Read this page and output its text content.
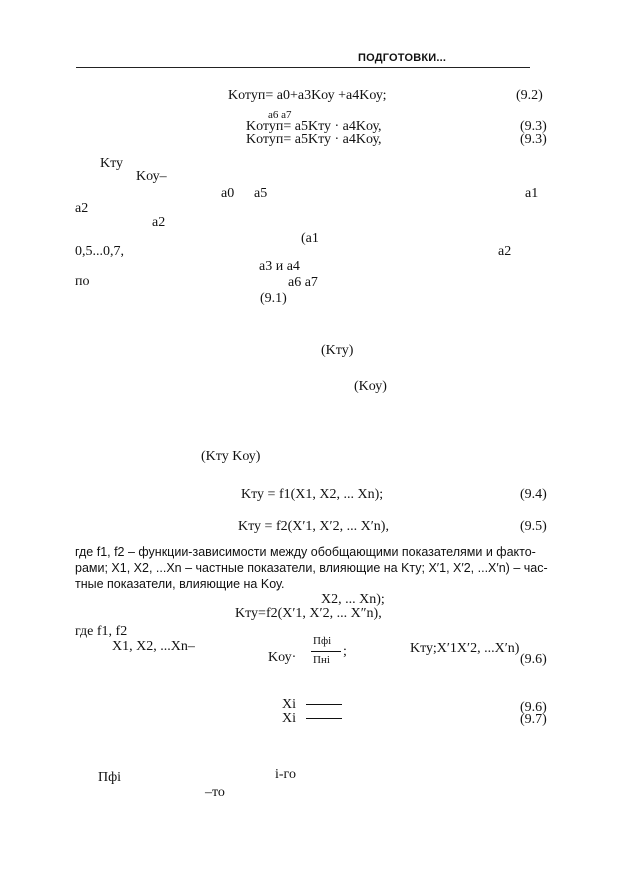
ПОДГОТОВКИ...
Kотуп= a0+a3Kоу +a4Kоу;	(9.2)
a6 a7
Kотуп= a5Kту · a4Kоу,	(9.3)
Kотуп= a5Kту · a4Kоу,	(9.3)
Kту
Kоу–
a0 a5	a1
a2
a2
(a1
0,5...0,7,	a2
a3 и a4
по	a6 a7
(9.1)
(Kту)
(Kоу)
(Kту Kоу)
Kту = f1(X1, X2, ... Xn);	(9.4)
Kту = f2(X′1, X′2, ... X′n),	(9.5)
где f1, f2 – функции-зависимости между обобщающими показателями и факто-
рами; X1, X2, ...Xn – частные показатели, влияющие на Kту; X′1, X′2, ...X′n) – час-
тные показатели, влияющие на Kоу.
X2, ... Xn);
Kту=f2(X′1, X′2, ... X″n),
где f1, f2
X1, X2, ...Xn–
Kоу·
Пфi
Пнi
;	Kту;X′1X′2, ...X′n)
(9.6)
Xi
Xi
(9.6)
(9.7)
Пфi	i-го
–то
